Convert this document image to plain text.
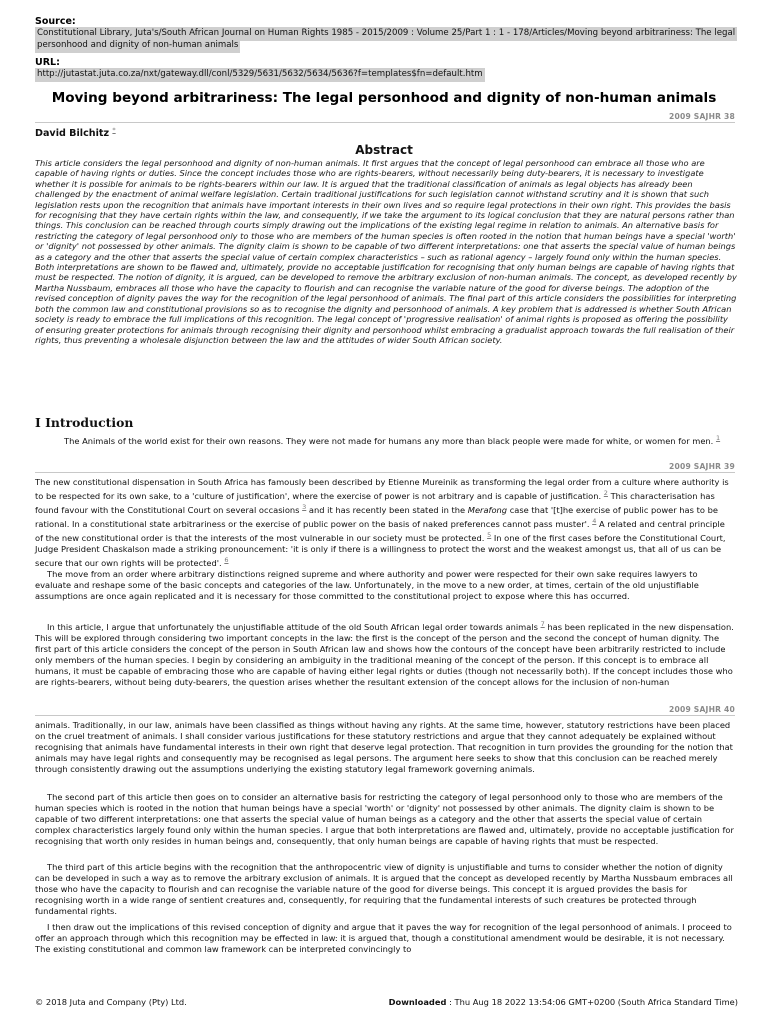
Source:
Constitutional Library, Juta's/South African Journal on Human Rights 1985 - 2015/2009 : Volume 25/Part 1 : 1 - 178/Articles/Moving beyond arbitrariness: The legal
personhood and dignity of non-human animals
URL:
http://jutastat.juta.co.za/nxt/gateway.dll/conl/5329/5631/5632/5634/5636?f=templates$fn=default.htm
Moving beyond arbitrariness: The legal personhood and dignity of non-human animals
2009 SAJHR 38
David Bilchitz *
Abstract
This article considers the legal personhood and dignity of non-human animals. It first argues that the concept of legal personhood can embrace all those who are capable of having rights or duties. Since the concept includes those who are rights-bearers, without necessarily being duty-bearers, it is necessary to investigate whether it is possible for animals to be rights-bearers within our law. It is argued that the traditional classification of animals as legal objects has already been challenged by the enactment of animal welfare legislation. Certain traditional justifications for such legislation cannot withstand scrutiny and it is shown that such legislation rests upon the recognition that animals have important interests in their own lives and so require legal protections in their own right. This provides the basis for recognising that they have certain rights within the law, and consequently, if we take the argument to its logical conclusion that they are natural persons rather than things. This conclusion can be reached through courts simply drawing out the implications of the existing legal regime in relation to animals. An alternative basis for restricting the category of legal personhood only to those who are members of the human species is often rooted in the notion that human beings have a special 'worth' or 'dignity' not possessed by other animals. The dignity claim is shown to be capable of two different interpretations: one that asserts the special value of human beings as a category and the other that asserts the special value of certain complex characteristics – such as rational agency – largely found only within the human species. Both interpretations are shown to be flawed and, ultimately, provide no acceptable justification for recognising that only human beings are capable of having rights that must be respected. The notion of dignity, it is argued, can be developed to remove the arbitrary exclusion of non-human animals. The concept, as developed recently by Martha Nussbaum, embraces all those who have the capacity to flourish and can recognise the variable nature of the good for diverse beings. The adoption of the revised conception of dignity paves the way for the recognition of the legal personhood of animals. The final part of this article considers the possibilities for interpreting both the common law and constitutional provisions so as to recognise the dignity and personhood of animals. A key problem that is addressed is whether South African society is ready to embrace the full implications of this recognition. The legal concept of 'progressive realisation' of animal rights is proposed as offering the possibility of ensuring greater protections for animals through recognising their dignity and personhood whilst embracing a gradualist approach towards the full realisation of their rights, thus preventing a wholesale disjunction between the law and the attitudes of wider South African society.
I Introduction
The Animals of the world exist for their own reasons. They were not made for humans any more than black people were made for white, or women for men. $^1$
2009 SAJHR 39
The new constitutional dispensation in South Africa has famously been described by Etienne Mureinik as transforming the legal order from a culture where authority is to be respected for its own sake, to a 'culture of justification', where the exercise of power is not arbitrary and is capable of justification. $^2$ This characterisation has found favour with the Constitutional Court on several occasions $^3$ and it has recently been stated in the Merafong case that '[t]he exercise of public power has to be rational. In a constitutional state arbitrariness or the exercise of public power on the basis of naked preferences cannot pass muster'. $^4$ A related and central principle of the new constitutional order is that the interests of the most vulnerable in our society must be protected. $^5$ In one of the first cases before the Constitutional Court, Judge President Chaskalson made a striking pronouncement: 'it is only if there is a willingness to protect the worst and the weakest amongst us, that all of us can be secure that our own rights will be protected'. $^6$
The move from an order where arbitrary distinctions reigned supreme and where authority and power were respected for their own sake requires lawyers to evaluate and reshape some of the basic concepts and categories of the law. Unfortunately, in the move to a new order, at times, certain of the old unjustifiable assumptions are once again replicated and it is necessary for those committed to the constitutional project to expose where this has occurred.
In this article, I argue that unfortunately the unjustifiable attitude of the old South African legal order towards animals $^7$ has been replicated in the new dispensation. This will be explored through considering two important concepts in the law: the first is the concept of the person and the second the concept of human dignity. The first part of this article considers the concept of the person in South African law and shows how the contours of the concept have been arbitrarily restricted to include only members of the human species. I begin by considering an ambiguity in the traditional meaning of the concept of the person. If this concept is to embrace all humans, it must be capable of embracing those who are capable of having either legal rights or duties (though not necessarily both). If the concept includes those who are rights-bearers, without being duty-bearers, the question arises whether the resultant extension of the concept allows for the inclusion of non-human
2009 SAJHR 40
animals. Traditionally, in our law, animals have been classified as things without having any rights. At the same time, however, statutory restrictions have been placed on the cruel treatment of animals. I shall consider various justifications for these statutory restrictions and argue that they cannot adequately be explained without recognising that animals have fundamental interests in their own right that deserve legal protection. That recognition in turn provides the grounding for the notion that animals may have legal rights and consequently may be recognised as legal persons. The argument here seeks to show that this conclusion can be reached merely through consistently drawing out the assumptions underlying the existing statutory legal framework governing animals.
The second part of this article then goes on to consider an alternative basis for restricting the category of legal personhood only to those who are members of the human species which is rooted in the notion that human beings have a special 'worth' or 'dignity' not possessed by other animals. The dignity claim is shown to be capable of two different interpretations: one that asserts the special value of human beings as a category and the other that asserts the special value of certain complex characteristics largely found only within the human species. I argue that both interpretations are flawed and, ultimately, provide no acceptable justification for recognising that worth only resides in human beings and, consequently, that only human beings are capable of having rights that must be respected.
The third part of this article begins with the recognition that the anthropocentric view of dignity is unjustifiable and turns to consider whether the notion of dignity can be developed in such a way as to remove the arbitrary exclusion of animals. It is argued that the concept as developed recently by Martha Nussbaum embraces all those who have the capacity to flourish and can recognise the variable nature of the good for diverse beings. This concept it is argued provides the basis for recognising worth in a wide range of sentient creatures and, consequently, for requiring that the fundamental interests of such creatures be protected through fundamental rights.
I then draw out the implications of this revised conception of dignity and argue that it paves the way for recognition of the legal personhood of animals. I proceed to offer an approach through which this recognition may be effected in law: it is argued that, though a constitutional amendment would be desirable, it is not necessary. The existing constitutional and common law framework can be interpreted convincingly to
© 2018 Juta and Company (Pty) Ltd.	Downloaded : Thu Aug 18 2022 13:54:06 GMT+0200 (South Africa Standard Time)
